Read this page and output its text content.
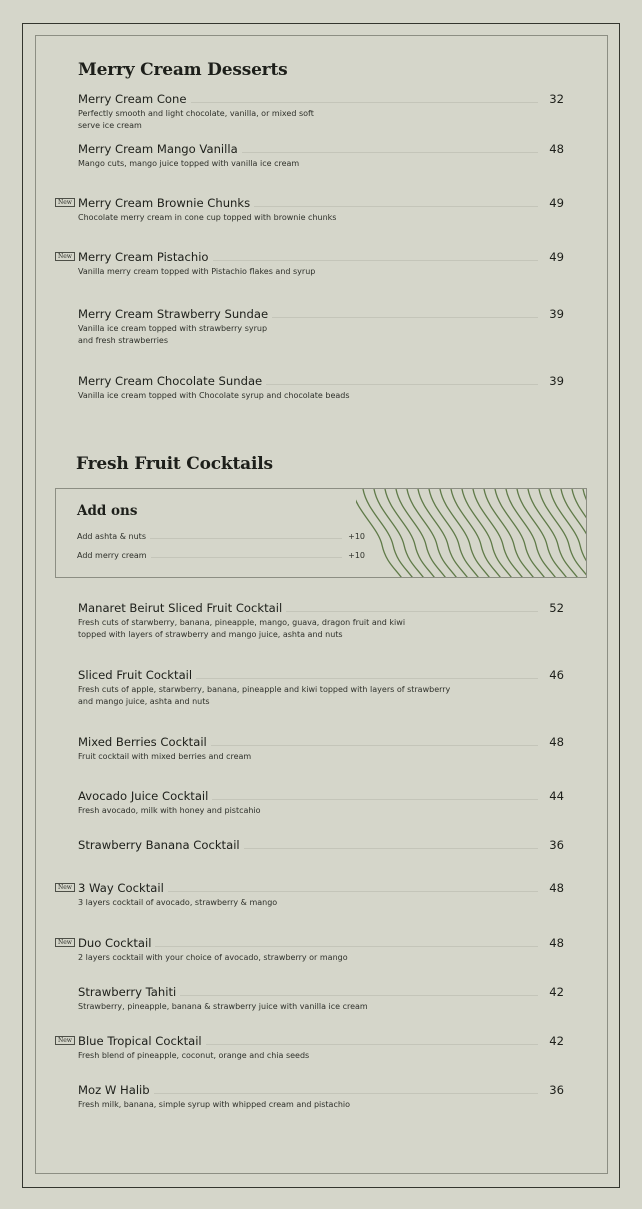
Merry Cream Desserts
Merry Cream Cone	32
Perfectly smooth and light chocolate, vanilla, or mixed soft
serve ice cream
Merry Cream Mango Vanilla	48
Mango cuts, mango juice topped with vanilla ice cream
New Merry Cream Brownie Chunks	49
Chocolate merry cream in cone cup topped with brownie chunks
New Merry Cream Pistachio	49
Vanilla merry cream topped with Pistachio flakes and syrup
Merry Cream Strawberry Sundae	39
Vanilla ice cream topped with strawberry syrup
and fresh strawberries
Merry Cream Chocolate Sundae	39
Vanilla ice cream topped with Chocolate syrup and chocolate beads
Fresh Fruit Cocktails
Add ons
Add ashta & nuts	+10
Add merry cream	+10
Manaret Beirut Sliced Fruit Cocktail	52
Fresh cuts of starwberry, banana, pineapple, mango, guava, dragon fruit and kiwi
topped with layers of strawberry and mango juice, ashta and nuts
Sliced Fruit Cocktail	46
Fresh cuts of apple, starwberry, banana, pineapple and kiwi topped with layers of strawberry
and mango juice, ashta and nuts
Mixed Berries Cocktail	48
Fruit cocktail with mixed berries and cream
Avocado Juice Cocktail	44
Fresh avocado, milk with honey and pistcahio
Strawberry Banana Cocktail	36
New 3 Way Cocktail	48
3 layers cocktail of avocado, strawberry & mango
New Duo Cocktail	48
2 layers cocktail with your choice of avocado, strawberry or mango
Strawberry Tahiti	42
Strawberry, pineapple, banana & strawberry juice with vanilla ice cream
New Blue Tropical Cocktail	42
Fresh blend of pineapple, coconut, orange and chia seeds
Moz W Halib	36
Fresh milk, banana, simple syrup with whipped cream and pistachio
